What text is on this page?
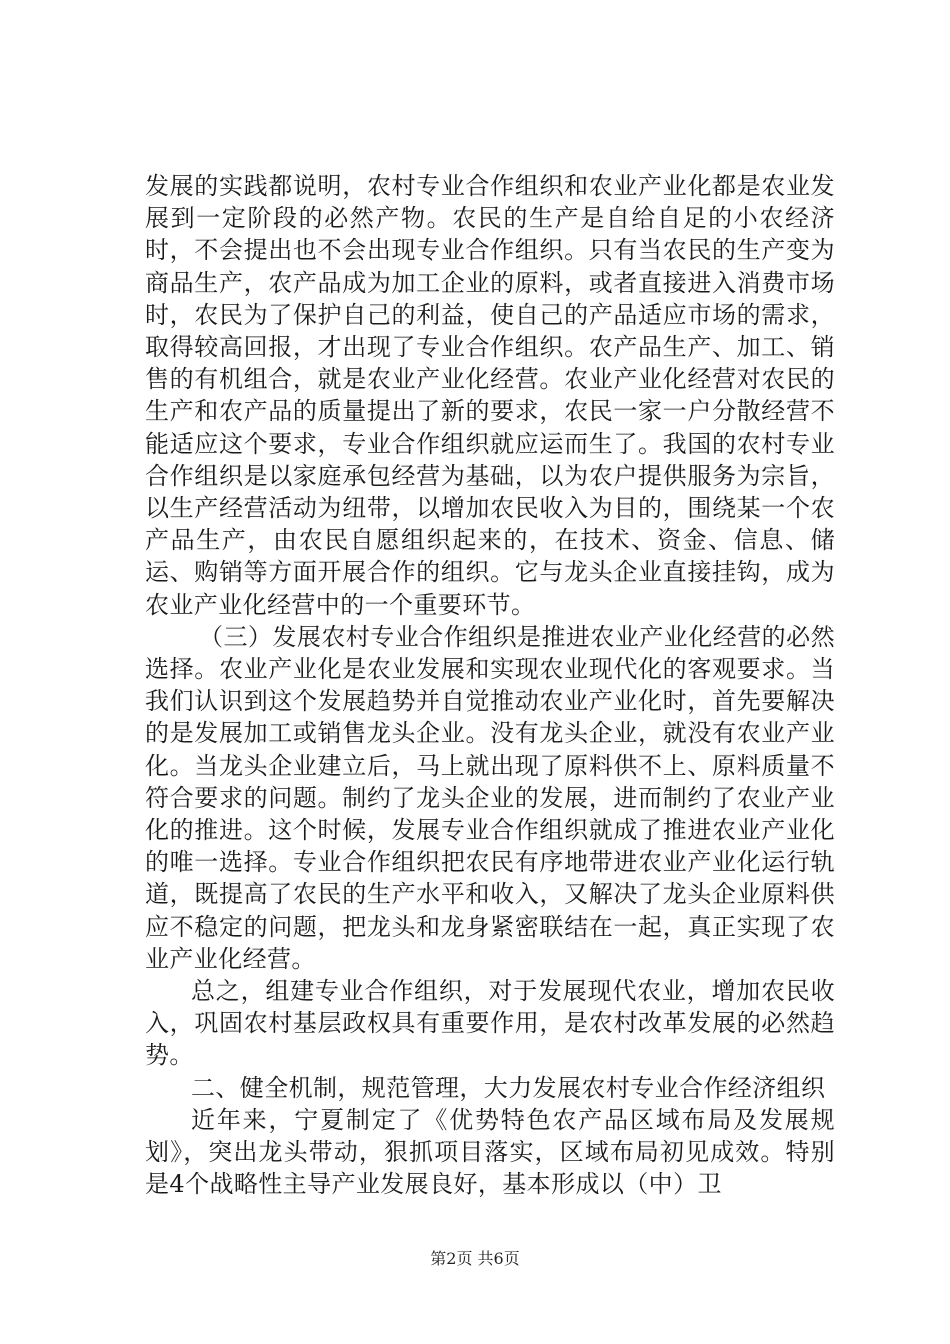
发展的实践都说明，农村专业合作组织和农业产业化都是农业发展到一定阶段的必然产物。农民的生产是自给自足的小农经济时，不会提出也不会出现专业合作组织。只有当农民的生产变为商品生产，农产品成为加工企业的原料，或者直接进入消费市场时，农民为了保护自己的利益，使自己的产品适应市场的需求，取得较高回报，才出现了专业合作组织。农产品生产、加工、销售的有机组合，就是农业产业化经营。农业产业化经营对农民的生产和农产品的质量提出了新的要求，农民一家一户分散经营不能适应这个要求，专业合作组织就应运而生了。我国的农村专业合作组织是以家庭承包经营为基础，以为农户提供服务为宗旨，以生产经营活动为纽带，以增加农民收入为目的，围绕某一个农产品生产，由农民自愿组织起来的，在技术、资金、信息、储运、购销等方面开展合作的组织。它与龙头企业直接挂钩，成为农业产业化经营中的一个重要环节。

（三）发展农村专业合作组织是推进农业产业化经营的必然选择。农业产业化是农业发展和实现农业现代化的客观要求。当我们认识到这个发展趋势并自觉推动农业产业化时，首先要解决的是发展加工或销售龙头企业。没有龙头企业，就没有农业产业化。当龙头企业建立后，马上就出现了原料供不上、原料质量不符合要求的问题。制约了龙头企业的发展，进而制约了农业产业化的推进。这个时候，发展专业合作组织就成了推进农业产业化的唯一选择。专业合作组织把农民有序地带进农业产业化运行轨道，既提高了农民的生产水平和收入，又解决了龙头企业原料供应不稳定的问题，把龙头和龙身紧密联结在一起，真正实现了农业产业化经营。

总之，组建专业合作组织，对于发展现代农业，增加农民收入，巩固农村基层政权具有重要作用，是农村改革发展的必然趋势。

二、健全机制，规范管理，大力发展农村专业合作经济组织

近年来，宁夏制定了《优势特色农产品区域布局及发展规划》，突出龙头带动，狠抓项目落实，区域布局初见成效。特别是4个战略性主导产业发展良好，基本形成以（中）卫

第2页 共6页
